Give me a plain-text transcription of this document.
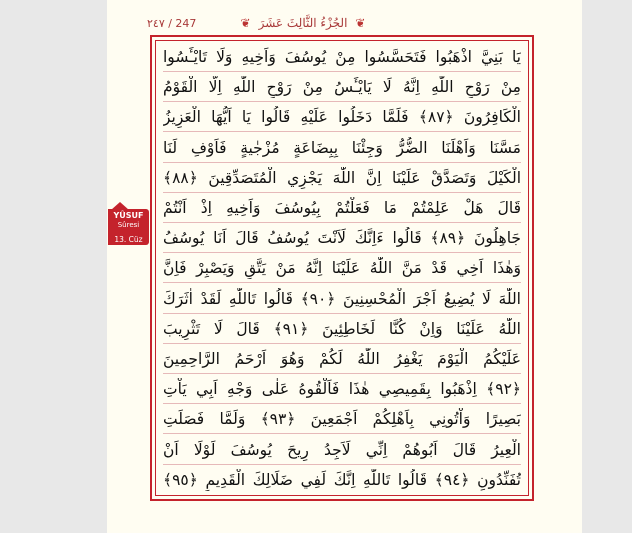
٢٤٧ / 247	❦ الجُزْءُ الثَّالِثَ عَشَرَ ❦
يَا بَنِيَّ اذْهَبُوا فَتَحَسَّسُوا مِنْ يُوسُفَ وَاَخِيهِ وَلَا تَايْـَٔسُوا
مِنْ رَوْحِ اللّٰهِ اِنَّهُ لَا يَايْـَٔسُ مِنْ رَوْحِ اللّٰهِ اِلَّا الْقَوْمُ
الْكَافِرُونَ ﴿٨٧﴾ فَلَمَّا دَخَلُوا عَلَيْهِ قَالُوا يَا اَيُّهَا الْعَزِيزُ
مَسَّنَا وَاَهْلَنَا الضُّرُّ وَجِئْنَا بِبِضَاعَةٍ مُزْجٰيةٍ فَاَوْفِ لَنَا
الْكَيْلَ وَتَصَدَّقْ عَلَيْنَا اِنَّ اللّٰهَ يَجْزِي الْمُتَصَدِّقِينَ ﴿٨٨﴾
قَالَ هَلْ عَلِمْتُمْ مَا فَعَلْتُمْ بِيُوسُفَ وَاَخِيهِ اِذْ اَنْتُمْ
جَاهِلُونَ ﴿٨٩﴾ قَالُوا ءَاِنَّكَ لَاَنْتَ يُوسُفُ قَالَ اَنَا يُوسُفُ
وَهٰذَا اَخِي قَدْ مَنَّ اللّٰهُ عَلَيْنَا اِنَّهُ مَنْ يَتَّقِ وَيَصْبِرْ فَاِنَّ
اللّٰهَ لَا يُضِيعُ اَجْرَ الْمُحْسِنِينَ ﴿٩٠﴾ قَالُوا تَاللّٰهِ لَقَدْ اٰثَرَكَ
اللّٰهُ عَلَيْنَا وَاِنْ كُنَّا لَخَاطِئِينَ ﴿٩١﴾ قَالَ لَا تَثْرِيبَ
عَلَيْكُمُ الْيَوْمَ يَغْفِرُ اللّٰهُ لَكُمْ وَهُوَ اَرْحَمُ الرَّاحِمِينَ
﴿٩٢﴾ اِذْهَبُوا بِقَمِيصِي هٰذَا فَاَلْقُوهُ عَلٰى وَجْهِ اَبِي يَاْتِ
بَصِيرًا وَاْتُونِي بِاَهْلِكُمْ اَجْمَعِينَ ﴿٩٣﴾ وَلَمَّا فَصَلَتِ
الْعِيرُ قَالَ اَبُوهُمْ اِنِّي لَاَجِدُ رِيحَ يُوسُفَ لَوْلَا اَنْ
تُفَنِّدُونِ ﴿٩٤﴾ قَالُوا تَاللّٰهِ اِنَّكَ لَفِي ضَلَالِكَ الْقَدِيمِ ﴿٩٥﴾
YÛSUF
Sûresi
13. Cüz
